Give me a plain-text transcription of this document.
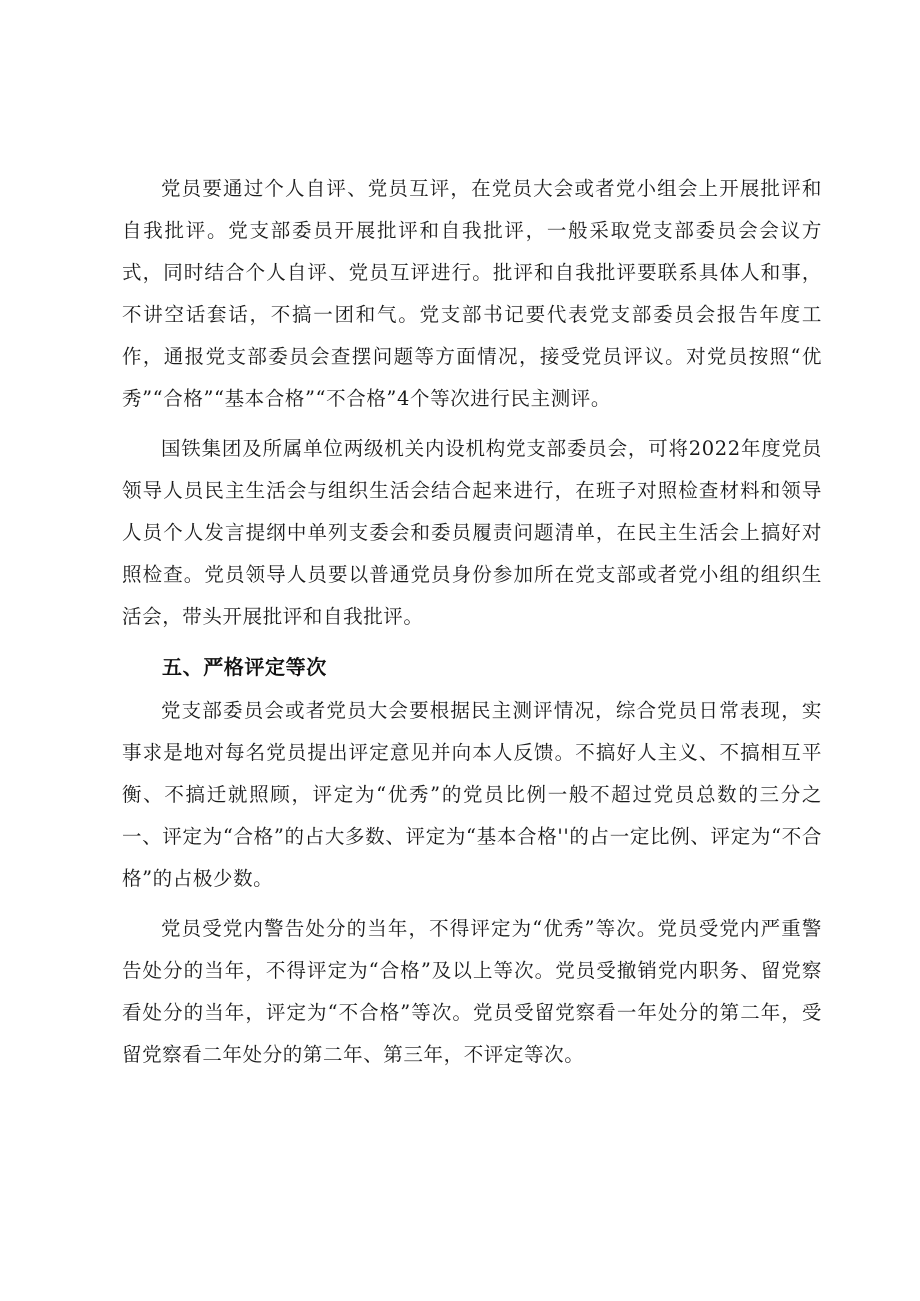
党员要通过个人自评、党员互评，在党员大会或者党小组会上开展批评和自我批评。党支部委员开展批评和自我批评，一般采取党支部委员会会议方式，同时结合个人自评、党员互评进行。批评和自我批评要联系具体人和事，不讲空话套话，不搞一团和气。党支部书记要代表党支部委员会报告年度工作，通报党支部委员会查摆问题等方面情况，接受党员评议。对党员按照“优秀”“合格”“基本合格”“不合格”4个等次进行民主测评。

国铁集团及所属单位两级机关内设机构党支部委员会，可将2022年度党员领导人员民主生活会与组织生活会结合起来进行，在班子对照检查材料和领导人员个人发言提纲中单列支委会和委员履责问题清单，在民主生活会上搞好对照检查。党员领导人员要以普通党员身份参加所在党支部或者党小组的组织生活会，带头开展批评和自我批评。

五、严格评定等次

党支部委员会或者党员大会要根据民主测评情况，综合党员日常表现，实事求是地对每名党员提出评定意见并向本人反馈。不搞好人主义、不搞相互平衡、不搞迁就照顾，评定为“优秀”的党员比例一般不超过党员总数的三分之一、评定为“合格”的占大多数、评定为“基本合格''的占一定比例、评定为“不合格”的占极少数。

党员受党内警告处分的当年，不得评定为“优秀”等次。党员受党内严重警告处分的当年，不得评定为“合格”及以上等次。党员受撤销党内职务、留党察看处分的当年，评定为“不合格”等次。党员受留党察看一年处分的第二年，受留党察看二年处分的第二年、第三年，不评定等次。
